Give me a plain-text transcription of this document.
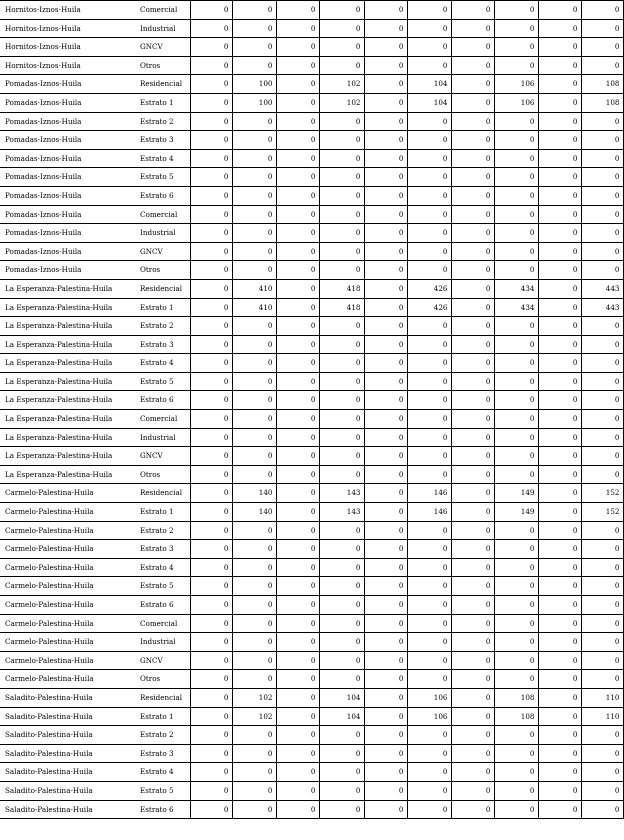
Hornitos-Iznos-Huila	Comercial	0	0	0	0	0	0	0	0	0	0
Hornitos-Iznos-Huila	Industrial	0	0	0	0	0	0	0	0	0	0
Hornitos-Iznos-Huila	GNCV	0	0	0	0	0	0	0	0	0	0
Hornitos-Iznos-Huila	Otros	0	0	0	0	0	0	0	0	0	0
Pomadas-Iznos-Huila	Residencial	0	100	0	102	0	104	0	106	0	108
Pomadas-Iznos-Huila	Estrato 1	0	100	0	102	0	104	0	106	0	108
Pomadas-Iznos-Huila	Estrato 2	0	0	0	0	0	0	0	0	0	0
Pomadas-Iznos-Huila	Estrato 3	0	0	0	0	0	0	0	0	0	0
Pomadas-Iznos-Huila	Estrato 4	0	0	0	0	0	0	0	0	0	0
Pomadas-Iznos-Huila	Estrato 5	0	0	0	0	0	0	0	0	0	0
Pomadas-Iznos-Huila	Estrato 6	0	0	0	0	0	0	0	0	0	0
Pomadas-Iznos-Huila	Comercial	0	0	0	0	0	0	0	0	0	0
Pomadas-Iznos-Huila	Industrial	0	0	0	0	0	0	0	0	0	0
Pomadas-Iznos-Huila	GNCV	0	0	0	0	0	0	0	0	0	0
Pomadas-Iznos-Huila	Otros	0	0	0	0	0	0	0	0	0	0
La Esperanza-Palestina-Huila	Residencial	0	410	0	418	0	426	0	434	0	443
La Esperanza-Palestina-Huila	Estrato 1	0	410	0	418	0	426	0	434	0	443
La Esperanza-Palestina-Huila	Estrato 2	0	0	0	0	0	0	0	0	0	0
La Esperanza-Palestina-Huila	Estrato 3	0	0	0	0	0	0	0	0	0	0
La Esperanza-Palestina-Huila	Estrato 4	0	0	0	0	0	0	0	0	0	0
La Esperanza-Palestina-Huila	Estrato 5	0	0	0	0	0	0	0	0	0	0
La Esperanza-Palestina-Huila	Estrato 6	0	0	0	0	0	0	0	0	0	0
La Esperanza-Palestina-Huila	Comercial	0	0	0	0	0	0	0	0	0	0
La Esperanza-Palestina-Huila	Industrial	0	0	0	0	0	0	0	0	0	0
La Esperanza-Palestina-Huila	GNCV	0	0	0	0	0	0	0	0	0	0
La Esperanza-Palestina-Huila	Otros	0	0	0	0	0	0	0	0	0	0
Carmelo-Palestina-Huila	Residencial	0	140	0	143	0	146	0	149	0	152
Carmelo-Palestina-Huila	Estrato 1	0	140	0	143	0	146	0	149	0	152
Carmelo-Palestina-Huila	Estrato 2	0	0	0	0	0	0	0	0	0	0
Carmelo-Palestina-Huila	Estrato 3	0	0	0	0	0	0	0	0	0	0
Carmelo-Palestina-Huila	Estrato 4	0	0	0	0	0	0	0	0	0	0
Carmelo-Palestina-Huila	Estrato 5	0	0	0	0	0	0	0	0	0	0
Carmelo-Palestina-Huila	Estrato 6	0	0	0	0	0	0	0	0	0	0
Carmelo-Palestina-Huila	Comercial	0	0	0	0	0	0	0	0	0	0
Carmelo-Palestina-Huila	Industrial	0	0	0	0	0	0	0	0	0	0
Carmelo-Palestina-Huila	GNCV	0	0	0	0	0	0	0	0	0	0
Carmelo-Palestina-Huila	Otros	0	0	0	0	0	0	0	0	0	0
Saladito-Palestina-Huila	Residencial	0	102	0	104	0	106	0	108	0	110
Saladito-Palestina-Huila	Estrato 1	0	102	0	104	0	106	0	108	0	110
Saladito-Palestina-Huila	Estrato 2	0	0	0	0	0	0	0	0	0	0
Saladito-Palestina-Huila	Estrato 3	0	0	0	0	0	0	0	0	0	0
Saladito-Palestina-Huila	Estrato 4	0	0	0	0	0	0	0	0	0	0
Saladito-Palestina-Huila	Estrato 5	0	0	0	0	0	0	0	0	0	0
Saladito-Palestina-Huila	Estrato 6	0	0	0	0	0	0	0	0	0	0
